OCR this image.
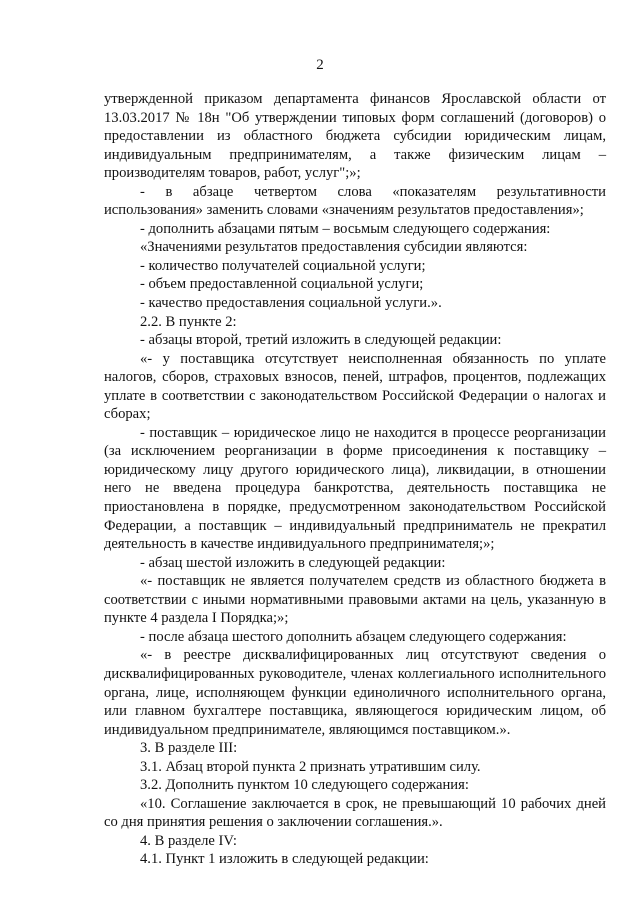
2

утвержденной приказом департамента финансов Ярославской области от 13.03.2017 № 18н "Об утверждении типовых форм соглашений (договоров) о предоставлении из областного бюджета субсидии юридическим лицам, индивидуальным предпринимателям, а также физическим лицам – производителям товаров, работ, услуг";»;

- в абзаце четвертом слова «показателям результативности использования» заменить словами «значениям результатов предоставления»;

- дополнить абзацами пятым – восьмым следующего содержания:

«Значениями результатов предоставления субсидии являются:

- количество получателей социальной услуги;

- объем предоставленной социальной услуги;

- качество предоставления социальной услуги.».

2.2. В пункте 2:

- абзацы второй, третий изложить в следующей редакции:

«- у поставщика отсутствует неисполненная обязанность по уплате налогов, сборов, страховых взносов, пеней, штрафов, процентов, подлежащих уплате в соответствии с законодательством Российской Федерации о налогах и сборах;

- поставщик – юридическое лицо не находится в процессе реорганизации (за исключением реорганизации в форме присоединения к поставщику – юридическому лицу другого юридического лица), ликвидации, в отношении него не введена процедура банкротства, деятельность поставщика не приостановлена в порядке, предусмотренном законодательством Российской Федерации, а поставщик – индивидуальный предприниматель не прекратил деятельность в качестве индивидуального предпринимателя;»;

- абзац шестой изложить в следующей редакции:

«- поставщик не является получателем средств из областного бюджета в соответствии с иными нормативными правовыми актами на цель, указанную в пункте 4 раздела I Порядка;»;

- после абзаца шестого дополнить абзацем следующего содержания:

«- в реестре дисквалифицированных лиц отсутствуют сведения о дисквалифицированных руководителе, членах коллегиального исполнительного органа, лице, исполняющем функции единоличного исполнительного органа, или главном бухгалтере поставщика, являющегося юридическим лицом, об индивидуальном предпринимателе, являющимся поставщиком.».

3. В разделе III:

3.1. Абзац второй пункта 2 признать утратившим силу.

3.2. Дополнить пунктом 10 следующего содержания:

«10. Соглашение заключается в срок, не превышающий 10 рабочих дней со дня принятия решения о заключении соглашения.».

4. В разделе IV:

4.1. Пункт 1 изложить в следующей редакции:
